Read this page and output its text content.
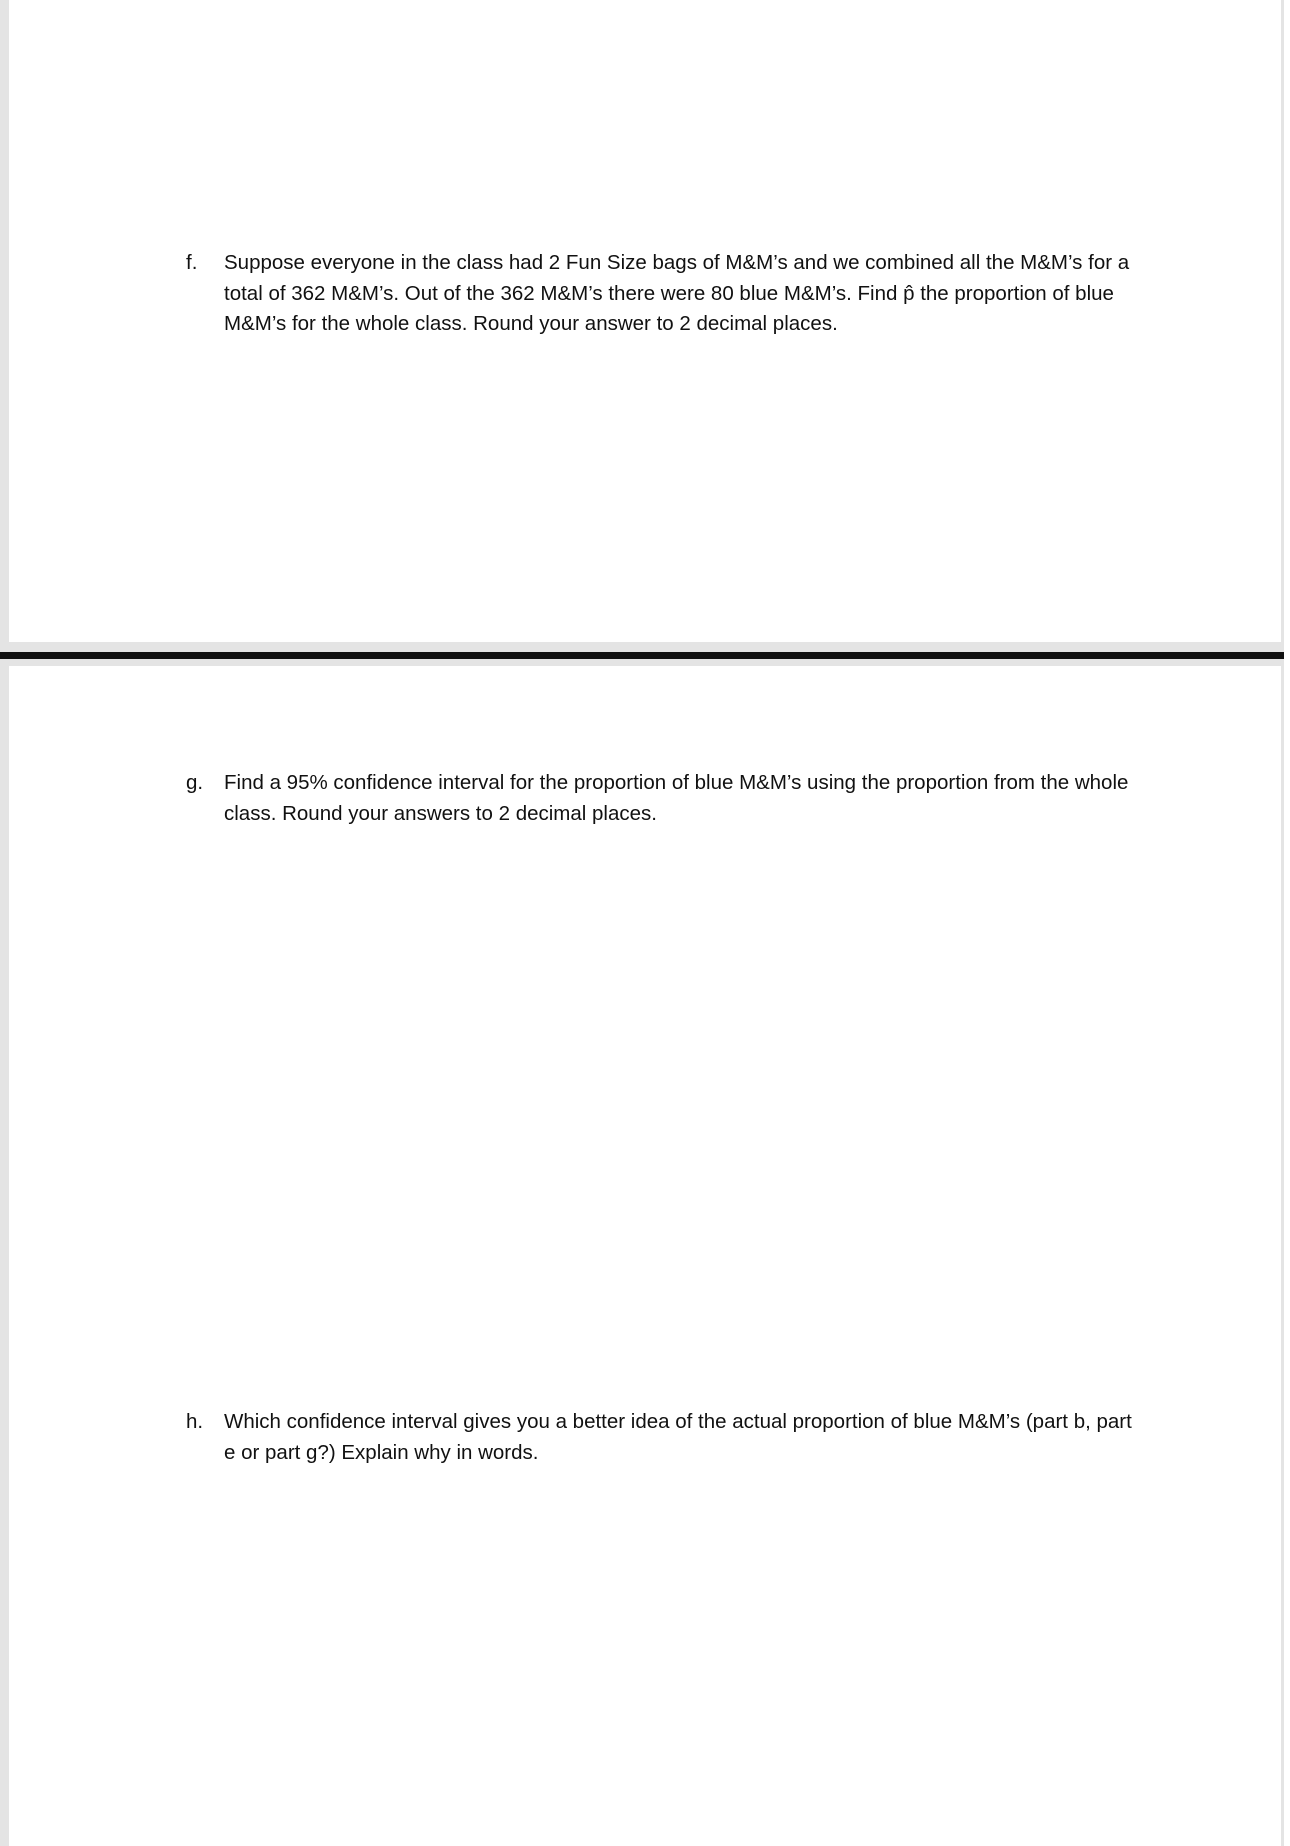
f.	Suppose everyone in the class had 2 Fun Size bags of M&M’s and we combined all the M&M’s for a
total of 362 M&M’s. Out of the 362 M&M’s there were 80 blue M&M’s. Find p̂ the proportion of blue
M&M’s for the whole class. Round your answer to 2 decimal places.
g.	Find a 95% confidence interval for the proportion of blue M&M’s using the proportion from the whole
class. Round your answers to 2 decimal places.
h.	Which confidence interval gives you a better idea of the actual proportion of blue M&M’s (part b, part
e or part g?) Explain why in words.
